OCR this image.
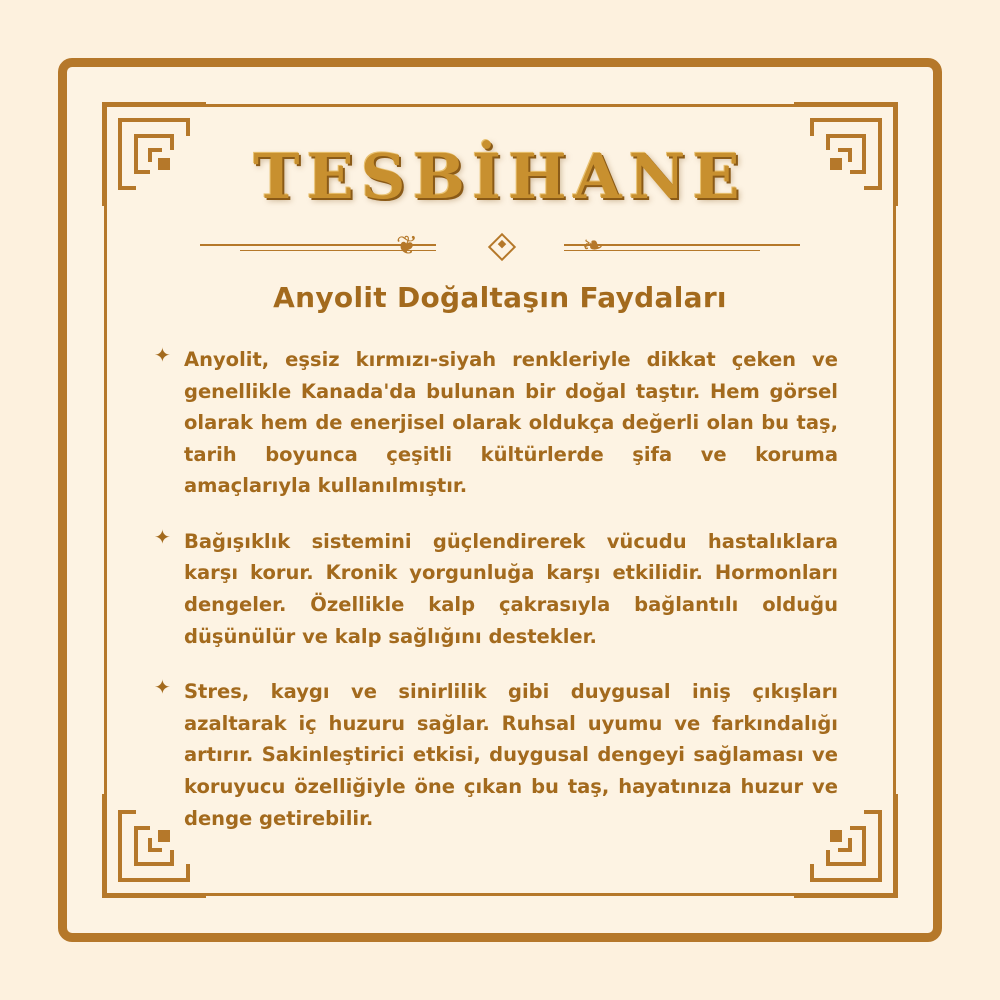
TESBİHANE
❦	❧
Anyolit Doğaltaşın Faydaları
✦ Anyolit, eşsiz kırmızı-siyah renkleriyle dikkat çeken ve genellikle Kanada'da bulunan bir doğal taştır. Hem görsel olarak hem de enerjisel olarak oldukça değerli olan bu taş, tarih boyunca çeşitli kültürlerde şifa ve koruma amaçlarıyla kullanılmıştır.
✦ Bağışıklık sistemini güçlendirerek vücudu hastalıklara karşı korur. Kronik yorgunluğa karşı etkilidir. Hormonları dengeler. Özellikle kalp çakrasıyla bağlantılı olduğu düşünülür ve kalp sağlığını destekler.
✦ Stres, kaygı ve sinirlilik gibi duygusal iniş çıkışları azaltarak iç huzuru sağlar. Ruhsal uyumu ve farkındalığı artırır. Sakinleştirici etkisi, duygusal dengeyi sağlaması ve koruyucu özelliğiyle öne çıkan bu taş, hayatınıza huzur ve denge getirebilir.
